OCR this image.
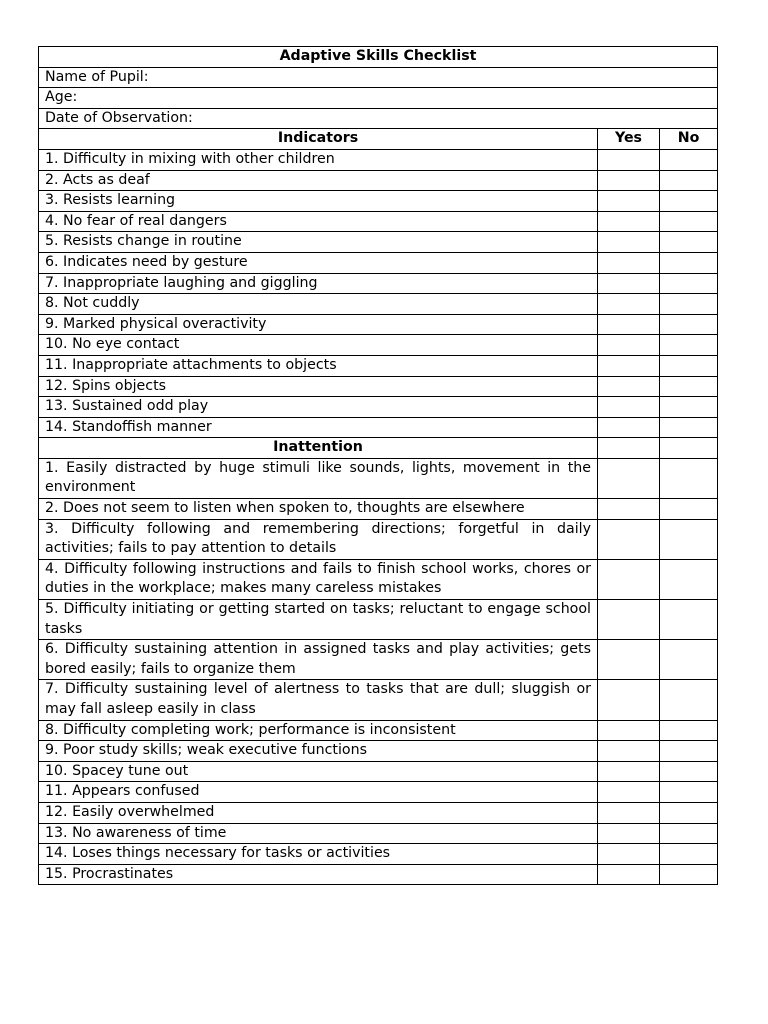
Adaptive Skills Checklist		
Name of Pupil:		
Age:		
Date of Observation:		
Indicators	Yes	No
1. Difficulty in mixing with other children		
2. Acts as deaf		
3. Resists learning		
4. No fear of real dangers		
5. Resists change in routine		
6. Indicates need by gesture		
7. Inappropriate laughing and giggling		
8. Not cuddly		
9. Marked physical overactivity		
10. No eye contact		
11. Inappropriate attachments to objects		
12. Spins objects		
13. Sustained odd play		
14. Standoffish manner		
Inattention		
1. Easily distracted by huge stimuli like sounds, lights, movement in the environment		
2. Does not seem to listen when spoken to, thoughts are elsewhere		
3. Difficulty following and remembering directions; forgetful in daily activities; fails to pay attention to details		
4. Difficulty following instructions and fails to finish school works, chores or duties in the workplace; makes many careless mistakes		
5. Difficulty initiating or getting started on tasks; reluctant to engage school tasks		
6. Difficulty sustaining attention in assigned tasks and play activities; gets bored easily; fails to organize them		
7. Difficulty sustaining level of alertness to tasks that are dull; sluggish or may fall asleep easily in class		
8. Difficulty completing work; performance is inconsistent		
9. Poor study skills; weak executive functions		
10. Spacey tune out		
11. Appears confused		
12. Easily overwhelmed		
13. No awareness of time		
14. Loses things necessary for tasks or activities		
15. Procrastinates		
